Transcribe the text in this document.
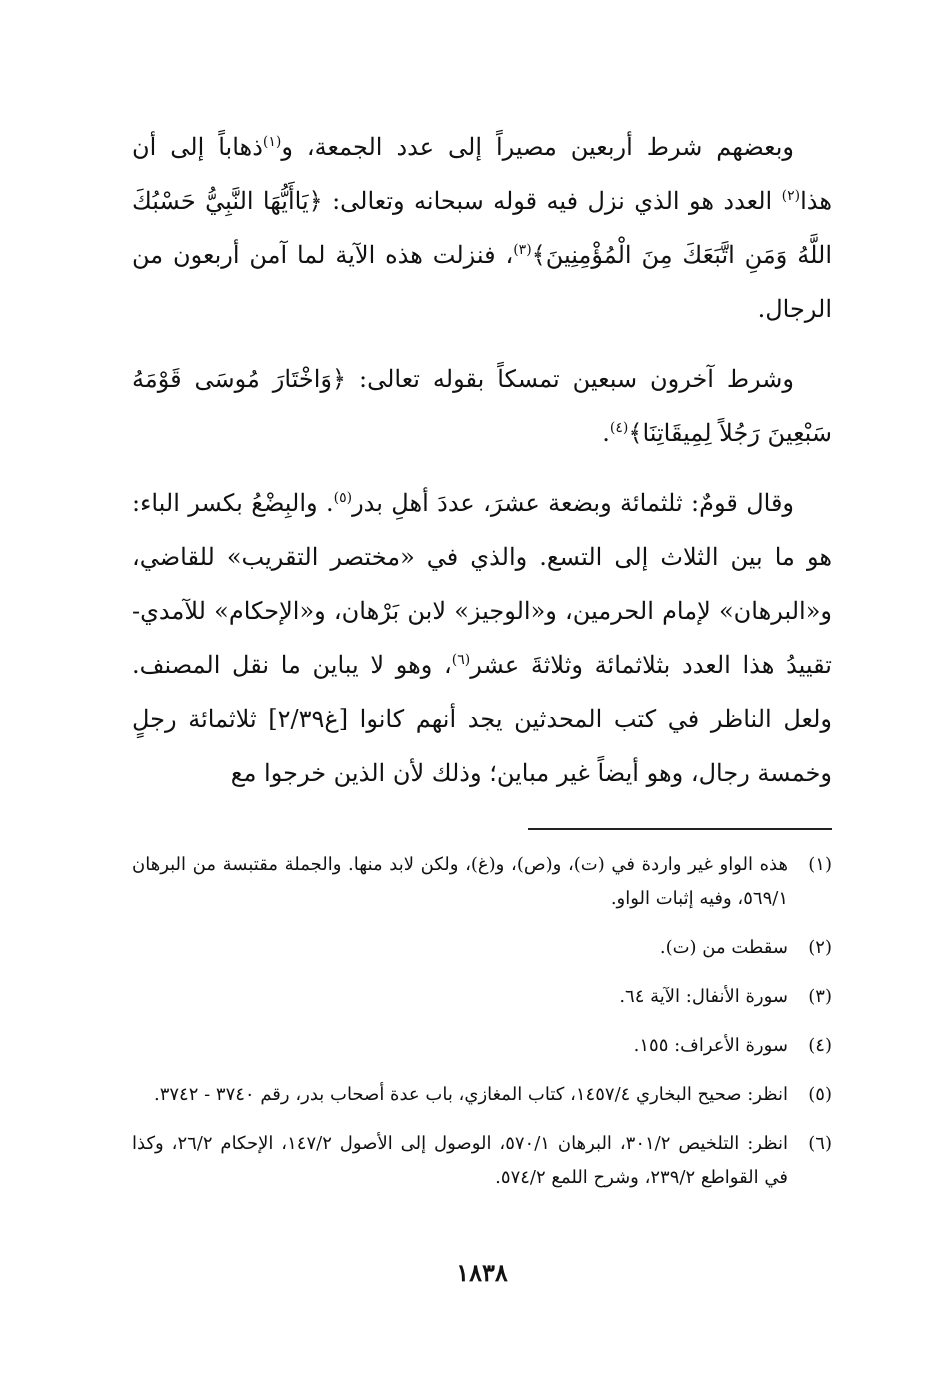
وبعضهم شرط أربعين مصيراً إلى عدد الجمعة، و$^{(١)}$ذهاباً إلى أن هذا$^{(٢)}$ العدد هو الذي نزل فيه قوله سبحانه وتعالى: ﴿يَاأَيُّهَا النَّبِيُّ حَسْبُكَ اللَّهُ وَمَنِ اتَّبَعَكَ مِنَ الْمُؤْمِنِينَ﴾$^{(٣)}$، فنزلت هذه الآية لما آمن أربعون من الرجال.

وشرط آخرون سبعين تمسكاً بقوله تعالى: ﴿وَاخْتَارَ مُوسَى قَوْمَهُ سَبْعِينَ رَجُلاً لِمِيقَاتِنَا﴾$^{(٤)}$.

وقال قومٌ: ثلثمائة وبضعة عشرَ، عددَ أهلِ بدر$^{(٥)}$. والبِضْعُ بكسر الباء: هو ما بين الثلاث إلى التسع. والذي في «مختصر التقريب» للقاضي، و«البرهان» لإمام الحرمين، و«الوجيز» لابن بَرْهان، و«الإحكام» للآمدي- تقييدُ هذا العدد بثلاثمائة وثلاثةَ عشر$^{(٦)}$، وهو لا يباين ما نقل المصنف. ولعل الناظر في كتب المحدثين يجد أنهم كانوا [غ٢/٣٩] ثلاثمائة رجلٍ وخمسة رجال، وهو أيضاً غير مباين؛ وذلك لأن الذين خرجوا مع

(١)
هذه الواو غير واردة في (ت)، و(ص)، و(غ)، ولكن لابد منها. والجملة مقتبسة من البرهان ٥٦٩/١، وفيه إثبات الواو.
(٢)
سقطت من (ت).
(٣)
سورة الأنفال: الآية ٦٤.
(٤)
سورة الأعراف: ١٥٥.
(٥)
انظر: صحيح البخاري ١٤٥٧/٤، كتاب المغازي، باب عدة أصحاب بدر، رقم ٣٧٤٠ - ٣٧٤٢.
(٦)
انظر: التلخيص ٣٠١/٢، البرهان ٥٧٠/١، الوصول إلى الأصول ١٤٧/٢، الإحكام ٢٦/٢، وكذا في القواطع ٢٣٩/٢، وشرح اللمع ٥٧٤/٢.
١٨٣٨
